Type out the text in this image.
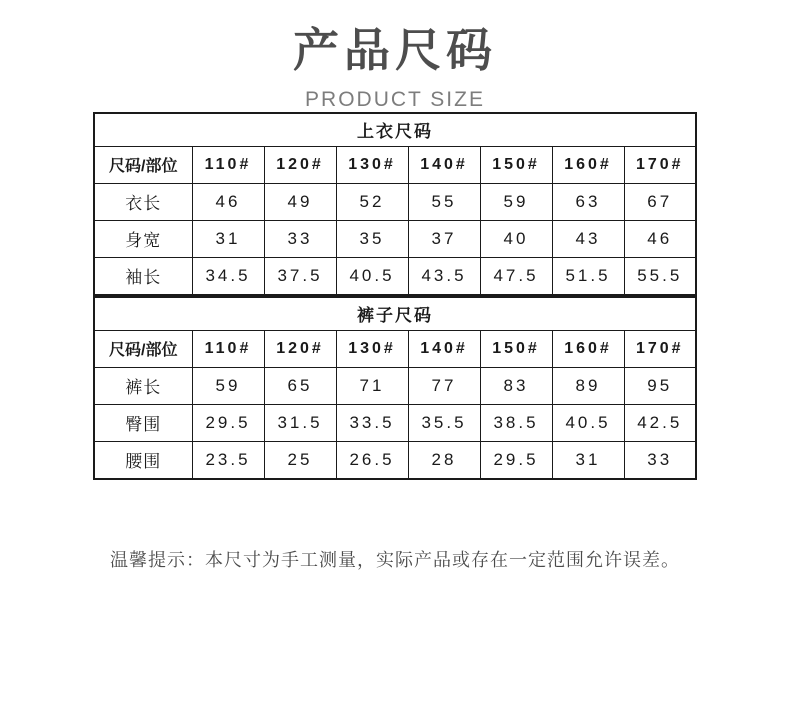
产品尺码
PRODUCT SIZE
上衣尺码							
尺码/部位	110#	120#	130#	140#	150#	160#	170#
衣长	46	49	52	55	59	63	67
身宽	31	33	35	37	40	43	46
袖长	34.5	37.5	40.5	43.5	47.5	51.5	55.5
裤子尺码							
尺码/部位	110#	120#	130#	140#	150#	160#	170#
裤长	59	65	71	77	83	89	95
臀围	29.5	31.5	33.5	35.5	38.5	40.5	42.5
腰围	23.5	25	26.5	28	29.5	31	33
温馨提示：本尺寸为手工测量，实际产品或存在一定范围允许误差。
